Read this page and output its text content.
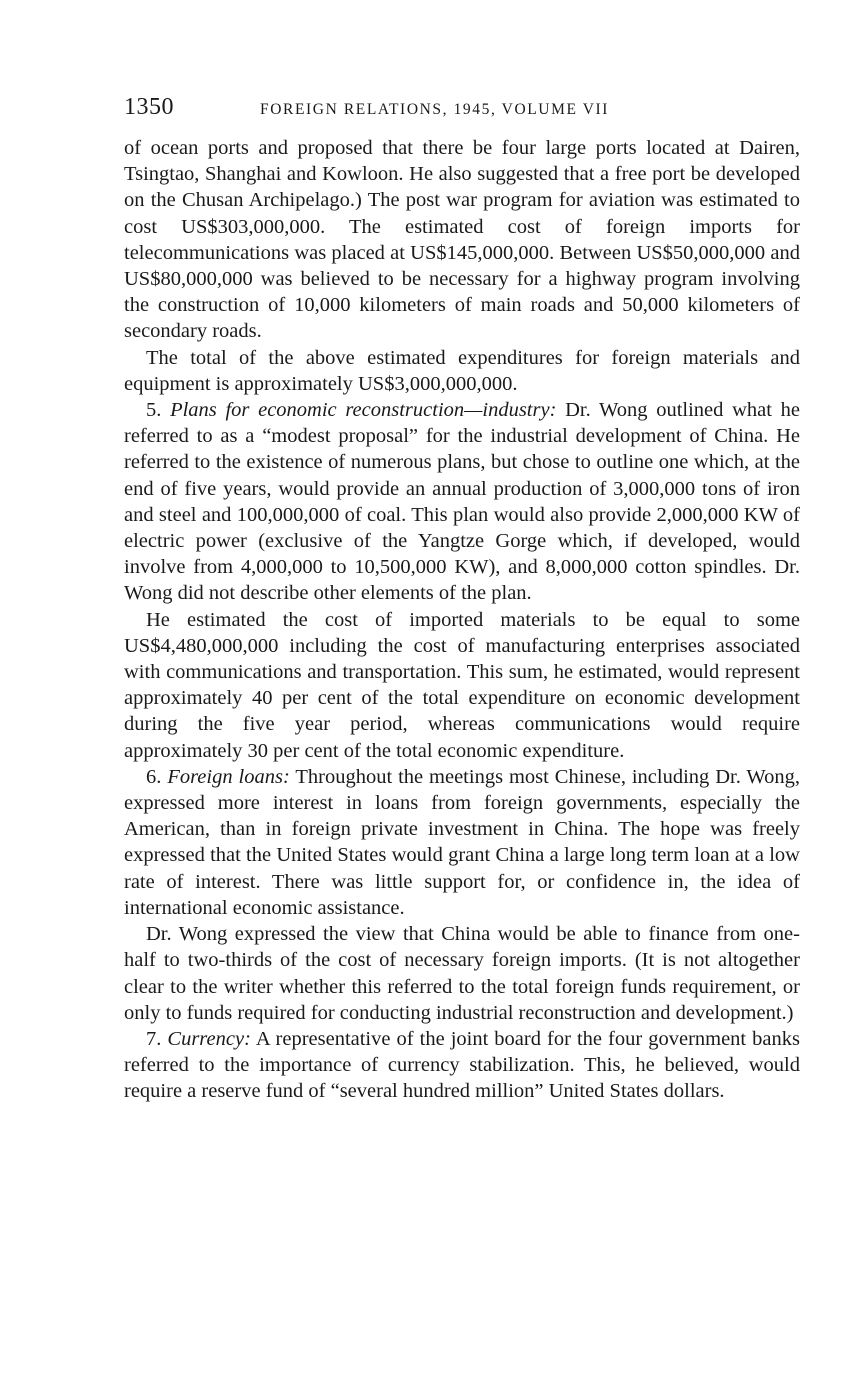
1350	FOREIGN RELATIONS, 1945, VOLUME VII

of ocean ports and proposed that there be four large ports located at Dairen, Tsingtao, Shanghai and Kowloon. He also suggested that a free port be developed on the Chusan Archipelago.) The post war program for aviation was estimated to cost US$303,000,000. The estimated cost of foreign imports for telecommunications was placed at US$145,000,000. Between US$50,000,000 and US$80,000,000 was believed to be necessary for a highway program involving the construction of 10,000 kilometers of main roads and 50,000 kilometers of secondary roads.

The total of the above estimated expenditures for foreign materials and equipment is approximately US$3,000,000,000.

5. Plans for economic reconstruction—industry: Dr. Wong outlined what he referred to as a “modest proposal” for the industrial development of China. He referred to the existence of numerous plans, but chose to outline one which, at the end of five years, would provide an annual production of 3,000,000 tons of iron and steel and 100,000,000 of coal. This plan would also provide 2,000,000 KW of electric power (exclusive of the Yangtze Gorge which, if developed, would involve from 4,000,000 to 10,500,000 KW), and 8,000,000 cotton spindles. Dr. Wong did not describe other elements of the plan.

He estimated the cost of imported materials to be equal to some US$4,480,000,000 including the cost of manufacturing enterprises associated with communications and transportation. This sum, he estimated, would represent approximately 40 per cent of the total expenditure on economic development during the five year period, whereas communications would require approximately 30 per cent of the total economic expenditure.

6. Foreign loans: Throughout the meetings most Chinese, including Dr. Wong, expressed more interest in loans from foreign governments, especially the American, than in foreign private investment in China. The hope was freely expressed that the United States would grant China a large long term loan at a low rate of interest. There was little support for, or confidence in, the idea of international economic assistance.

Dr. Wong expressed the view that China would be able to finance from one-half to two-thirds of the cost of necessary foreign imports. (It is not altogether clear to the writer whether this referred to the total foreign funds requirement, or only to funds required for conducting industrial reconstruction and development.)

7. Currency: A representative of the joint board for the four government banks referred to the importance of currency stabilization. This, he believed, would require a reserve fund of “several hundred million” United States dollars.
